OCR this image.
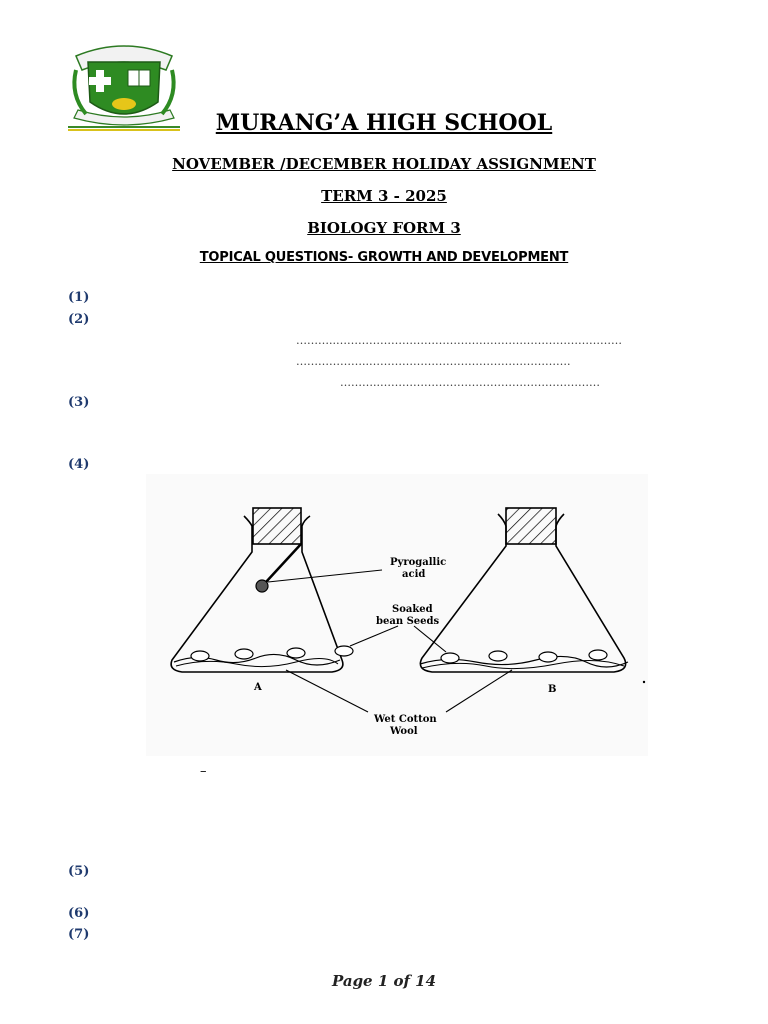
MURANG’A HIGH SCHOOL
NOVEMBER /DECEMBER HOLIDAY ASSIGNMENT
TERM 3 - 2025
BIOLOGY FORM 3
TOPICAL QUESTIONS- GROWTH AND DEVELOPMENT
(1)
(2)
………..……………………………………………………………………
………………..……………………………………………….
………..……………………………………………………
(3)
(4)
Pyrogallic
acid
Soaked
bean Seeds
Wet Cotton
Wool
A	B
–
(5)
(6)
(7)
Page 1 of 14
